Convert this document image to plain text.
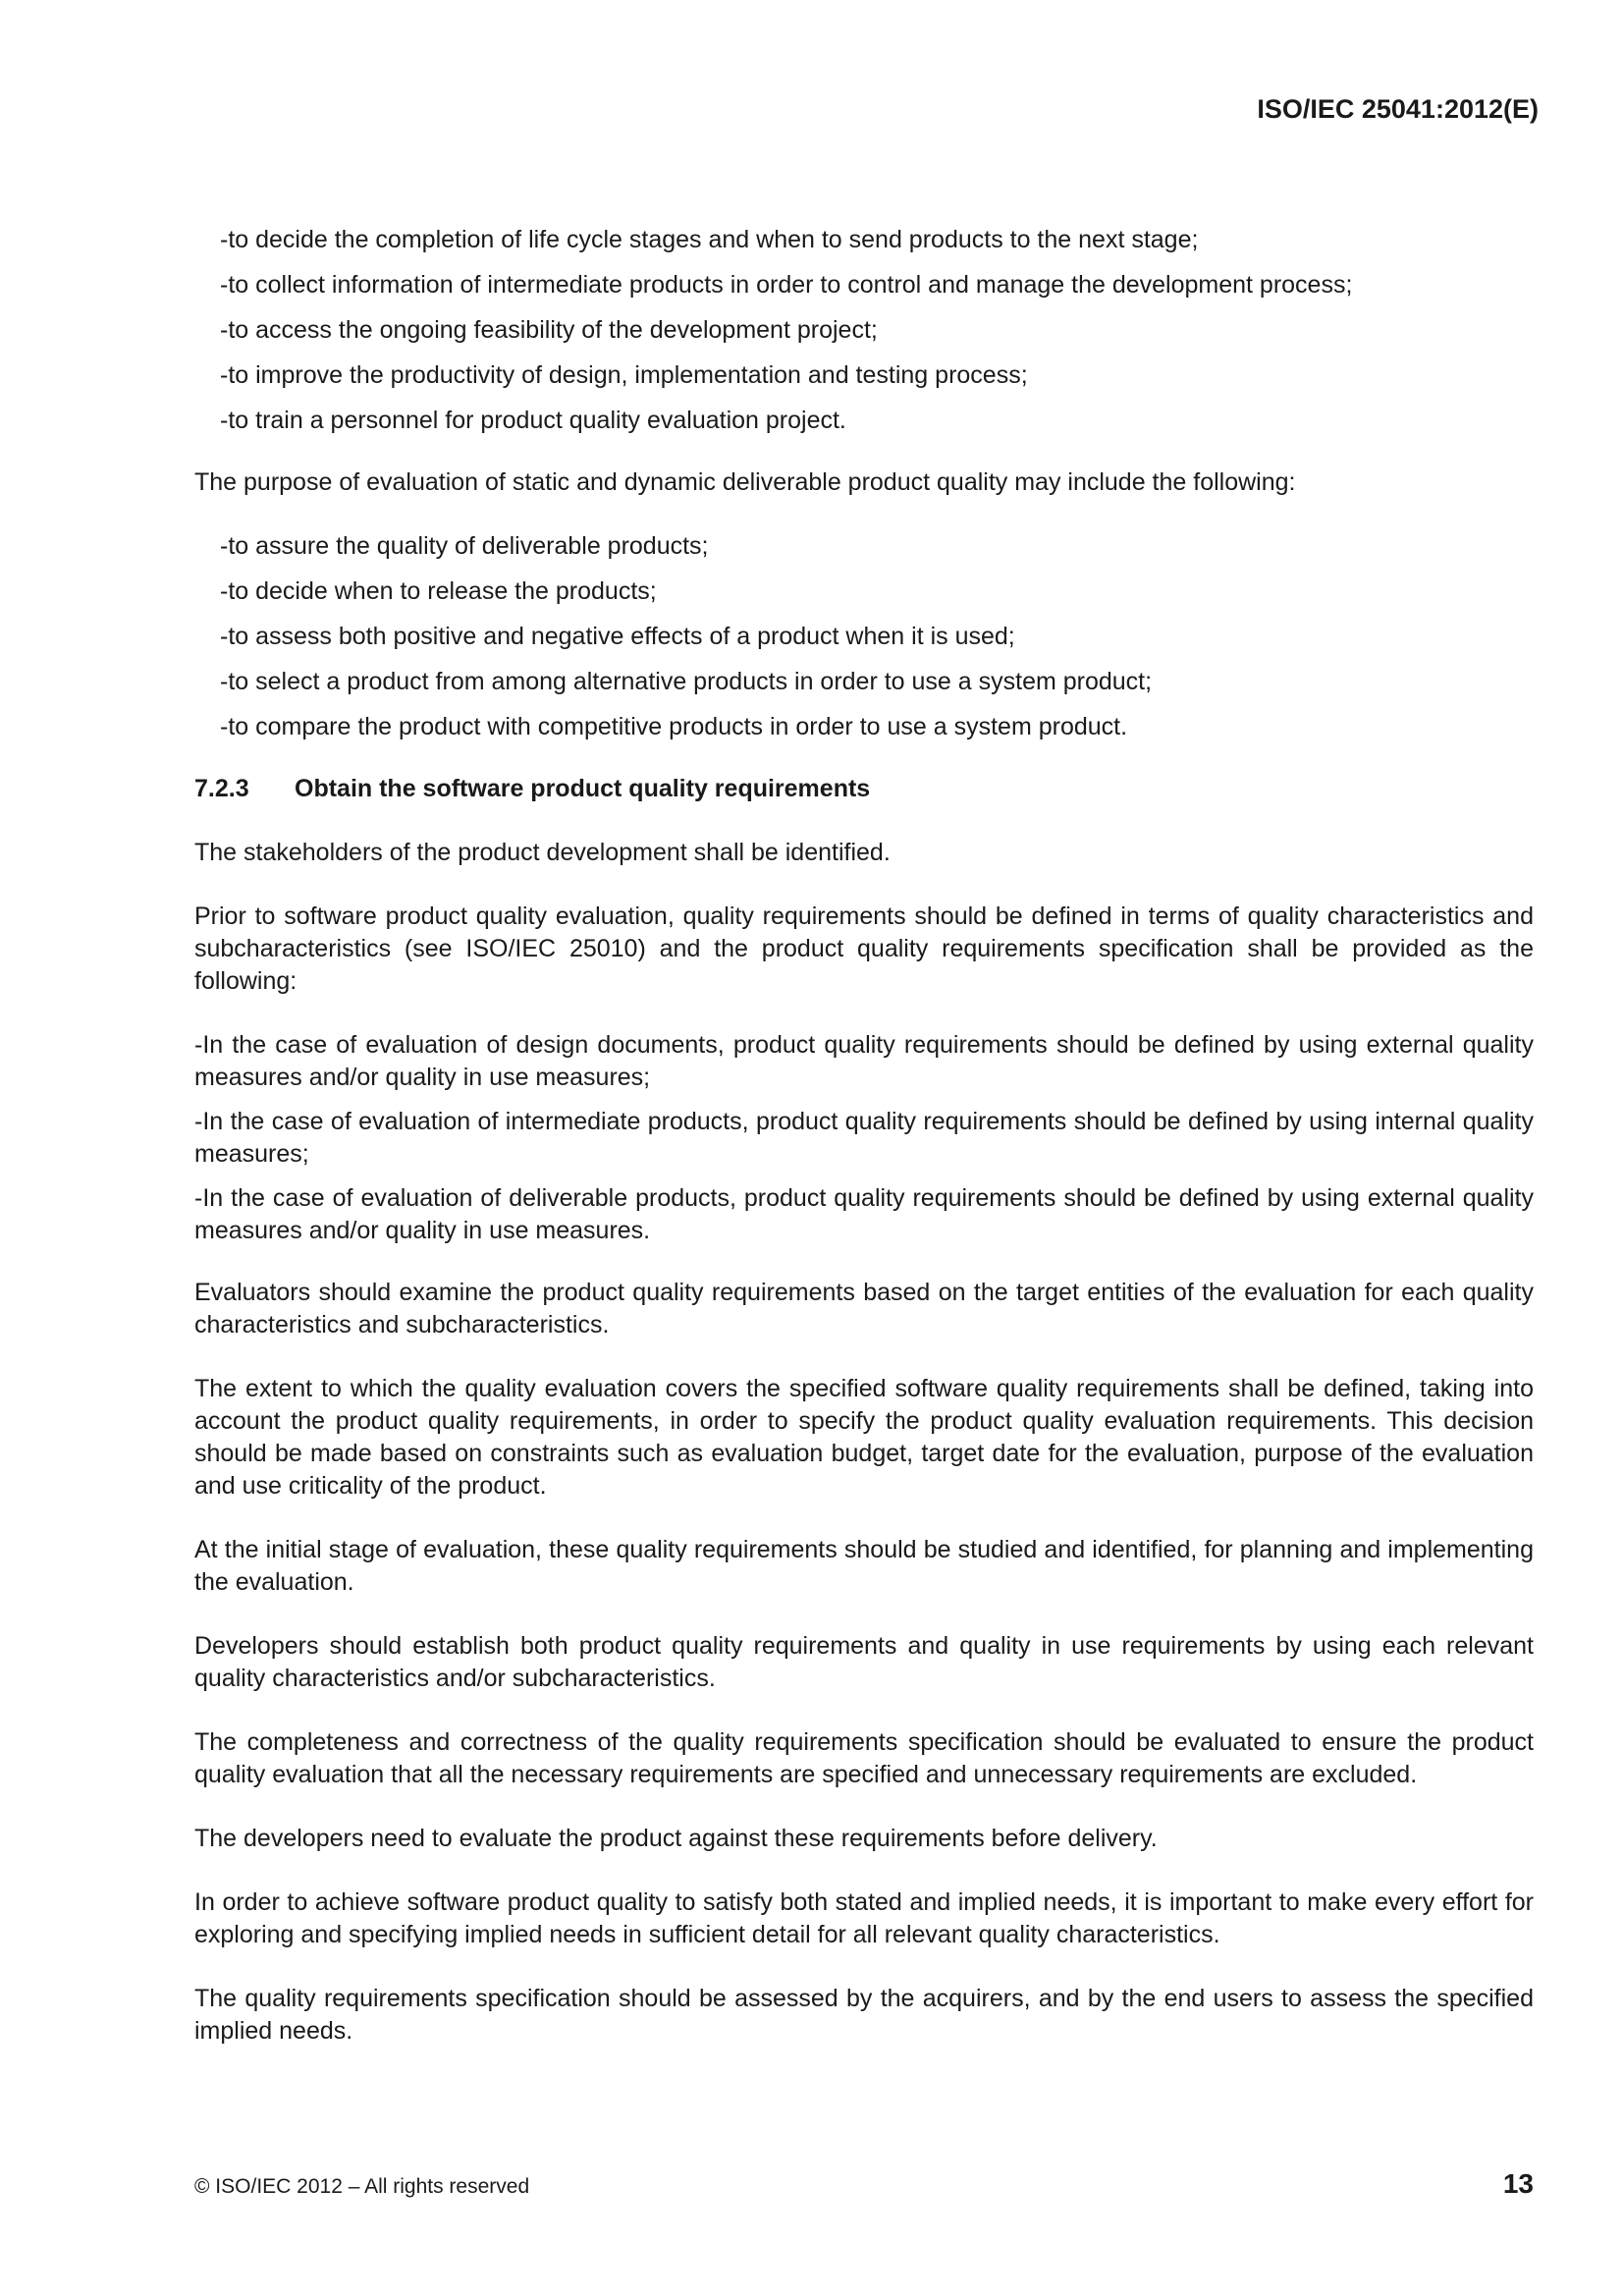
ISO/IEC 25041:2012(E)
-to decide the completion of life cycle stages and when to send products to the next stage;
-to collect information of intermediate products in order to control and manage the development process;
-to access the ongoing feasibility of the development project;
-to improve the productivity of design, implementation and testing process;
-to train a personnel for product quality evaluation project.

The purpose of evaluation of static and dynamic deliverable product quality may include the following:

-to assure the quality of deliverable products;
-to decide when to release the products;
-to assess both positive and negative effects of a product when it is used;
-to select a product from among alternative products in order to use a system product;
-to compare the product with competitive products in order to use a system product.
7.2.3	Obtain the software product quality requirements

The stakeholders of the product development shall be identified.

Prior to software product quality evaluation, quality requirements should be defined in terms of quality characteristics and subcharacteristics (see ISO/IEC 25010) and the product quality requirements specification shall be provided as the following:

-In the case of evaluation of design documents, product quality requirements should be defined by using external quality measures and/or quality in use measures;
-In the case of evaluation of intermediate products, product quality requirements should be defined by using internal quality measures;
-In the case of evaluation of deliverable products, product quality requirements should be defined by using external quality measures and/or quality in use measures.

Evaluators should examine the product quality requirements based on the target entities of the evaluation for each quality characteristics and subcharacteristics.

The extent to which the quality evaluation covers the specified software quality requirements shall be defined, taking into account the product quality requirements, in order to specify the product quality evaluation requirements. This decision should be made based on constraints such as evaluation budget, target date for the evaluation, purpose of the evaluation and use criticality of the product.

At the initial stage of evaluation, these quality requirements should be studied and identified, for planning and implementing the evaluation.

Developers should establish both product quality requirements and quality in use requirements by using each relevant quality characteristics and/or subcharacteristics.

The completeness and correctness of the quality requirements specification should be evaluated to ensure the product quality evaluation that all the necessary requirements are specified and unnecessary requirements are excluded.

The developers need to evaluate the product against these requirements before delivery.

In order to achieve software product quality to satisfy both stated and implied needs, it is important to make every effort for exploring and specifying implied needs in sufficient detail for all relevant quality characteristics.

The quality requirements specification should be assessed by the acquirers, and by the end users to assess the specified implied needs.

© ISO/IEC 2012 – All rights reserved	13
